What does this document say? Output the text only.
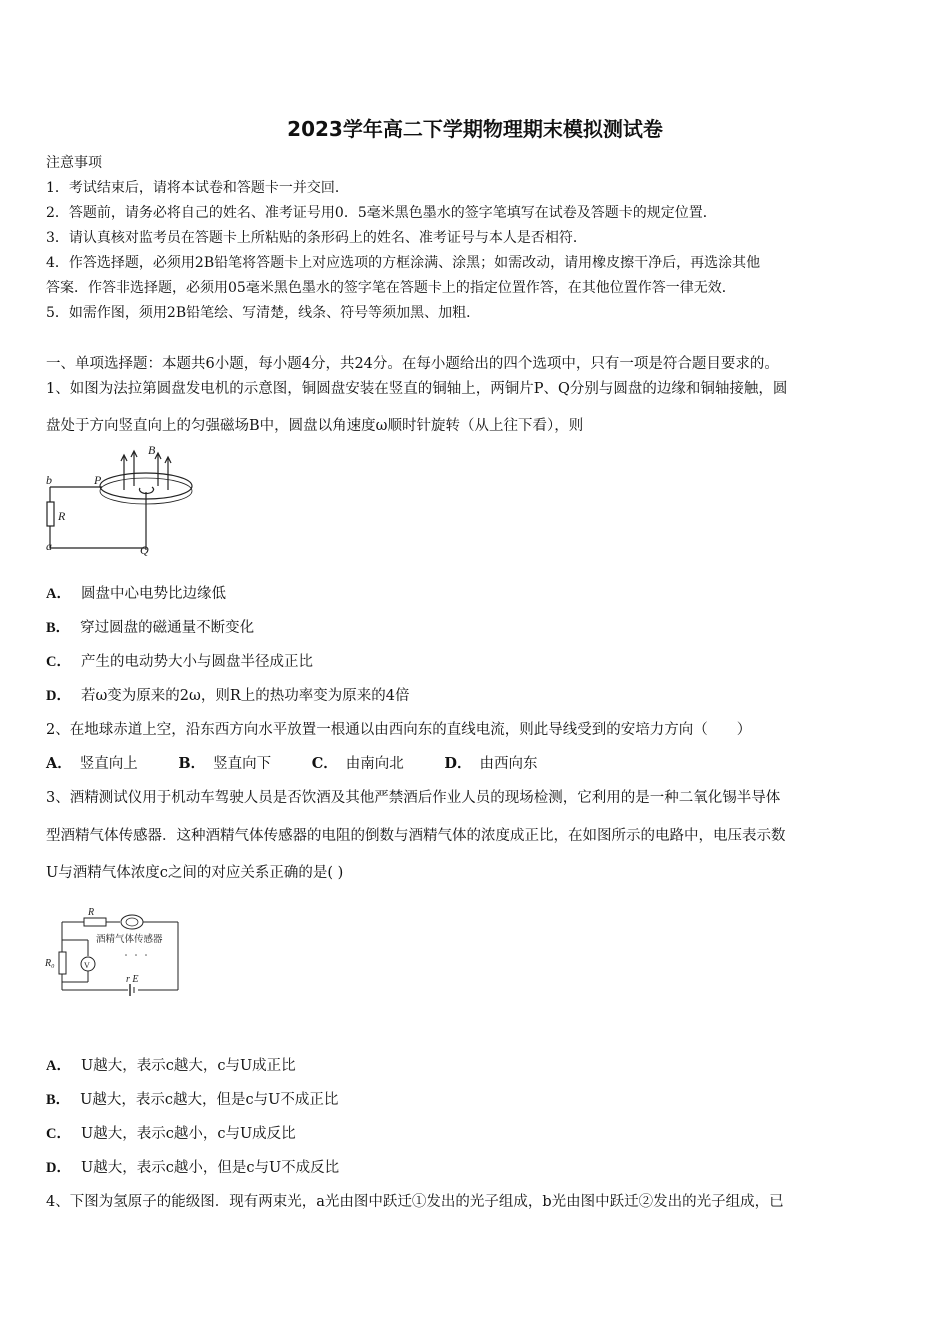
2023学年高二下学期物理期末模拟测试卷
注意事项
1．考试结束后，请将本试卷和答题卡一并交回．
2．答题前，请务必将自己的姓名、准考证号用0．5毫米黑色墨水的签字笔填写在试卷及答题卡的规定位置．
3．请认真核对监考员在答题卡上所粘贴的条形码上的姓名、准考证号与本人是否相符．
4．作答选择题，必须用2B铅笔将答题卡上对应选项的方框涂满、涂黑；如需改动，请用橡皮擦干净后，再选涂其他
答案．作答非选择题，必须用05毫米黑色墨水的签字笔在答题卡上的指定位置作答，在其他位置作答一律无效．
5．如需作图，须用2B铅笔绘、写清楚，线条、符号等须加黑、加粗．
一、单项选择题：本题共6小题，每小题4分，共24分。在每小题给出的四个选项中，只有一项是符合题目要求的。
1、如图为法拉第圆盘发电机的示意图，铜圆盘安装在竖直的铜轴上，两铜片P、Q分别与圆盘的边缘和铜轴接触，圆
盘处于方向竖直向上的匀强磁场B中，圆盘以角速度ω顺时针旋转（从上往下看），则
b	P
B
R
a	Q
A． 圆盘中心电势比边缘低
B． 穿过圆盘的磁通量不断变化
C． 产生的电动势大小与圆盘半径成正比
D． 若ω变为原来的2ω，则R上的热功率变为原来的4倍
2、在地球赤道上空，沿东西方向水平放置一根通以由西向东的直线电流，则此导线受到的安培力方向（　　）
A． 竖直向上	B． 竖直向下	C． 由南向北	D． 由西向东
3、酒精测试仪用于机动车驾驶人员是否饮酒及其他严禁酒后作业人员的现场检测，它利用的是一种二氧化锡半导体
型酒精气体传感器．这种酒精气体传感器的电阻的倒数与酒精气体的浓度成正比，在如图所示的电路中，电压表示数
U与酒精气体浓度c之间的对应关系正确的是( )
R
R₀	V
r E
酒精气体传感器
A． U越大，表示c越大，c与U成正比
B． U越大，表示c越大，但是c与U不成正比
C． U越大，表示c越小，c与U成反比
D． U越大，表示c越小，但是c与U不成反比
4、下图为氢原子的能级图．现有两束光，a光由图中跃迁①发出的光子组成，b光由图中跃迁②发出的光子组成，已
